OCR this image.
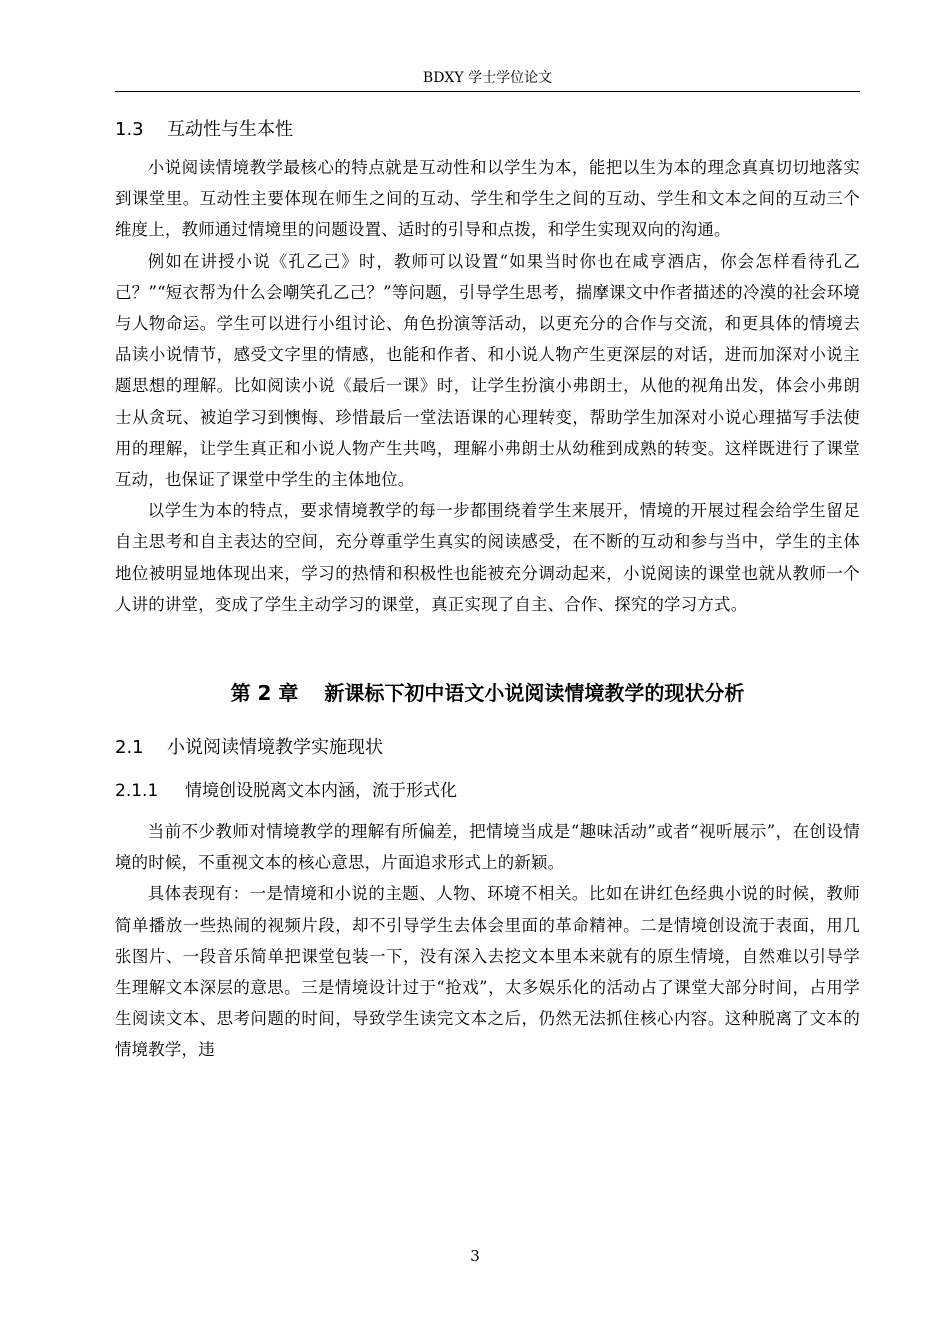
BDXY 学士学位论文
1.3 互动性与生本性

小说阅读情境教学最核心的特点就是互动性和以学生为本，能把以生为本的理念真真切切地落实到课堂里。互动性主要体现在师生之间的互动、学生和学生之间的互动、学生和文本之间的互动三个维度上，教师通过情境里的问题设置、适时的引导和点拨，和学生实现双向的沟通。

例如在讲授小说《孔乙己》时，教师可以设置“如果当时你也在咸亨酒店，你会怎样看待孔乙己？”“短衣帮为什么会嘲笑孔乙己？”等问题，引导学生思考，揣摩课文中作者描述的冷漠的社会环境与人物命运。学生可以进行小组讨论、角色扮演等活动，以更充分的合作与交流，和更具体的情境去品读小说情节，感受文字里的情感，也能和作者、和小说人物产生更深层的对话，进而加深对小说主题思想的理解。比如阅读小说《最后一课》时，让学生扮演小弗朗士，从他的视角出发，体会小弗朗士从贪玩、被迫学习到懊悔、珍惜最后一堂法语课的心理转变，帮助学生加深对小说心理描写手法使用的理解，让学生真正和小说人物产生共鸣，理解小弗朗士从幼稚到成熟的转变。这样既进行了课堂互动，也保证了课堂中学生的主体地位。

以学生为本的特点，要求情境教学的每一步都围绕着学生来展开，情境的开展过程会给学生留足自主思考和自主表达的空间，充分尊重学生真实的阅读感受，在不断的互动和参与当中，学生的主体地位被明显地体现出来，学习的热情和积极性也能被充分调动起来，小说阅读的课堂也就从教师一个人讲的讲堂，变成了学生主动学习的课堂，真正实现了自主、合作、探究的学习方式。

第 2 章 新课标下初中语文小说阅读情境教学的现状分析
2.1 小说阅读情境教学实施现状
2.1.1 情境创设脱离文本内涵，流于形式化

当前不少教师对情境教学的理解有所偏差，把情境当成是“趣味活动”或者“视听展示”，在创设情境的时候，不重视文本的核心意思，片面追求形式上的新颖。

具体表现有：一是情境和小说的主题、人物、环境不相关。比如在讲红色经典小说的时候，教师简单播放一些热闹的视频片段，却不引导学生去体会里面的革命精神。二是情境创设流于表面，用几张图片、一段音乐简单把课堂包装一下，没有深入去挖文本里本来就有的原生情境，自然难以引导学生理解文本深层的意思。三是情境设计过于“抢戏”，太多娱乐化的活动占了课堂大部分时间，占用学生阅读文本、思考问题的时间，导致学生读完文本之后，仍然无法抓住核心内容。这种脱离了文本的情境教学，违

3
